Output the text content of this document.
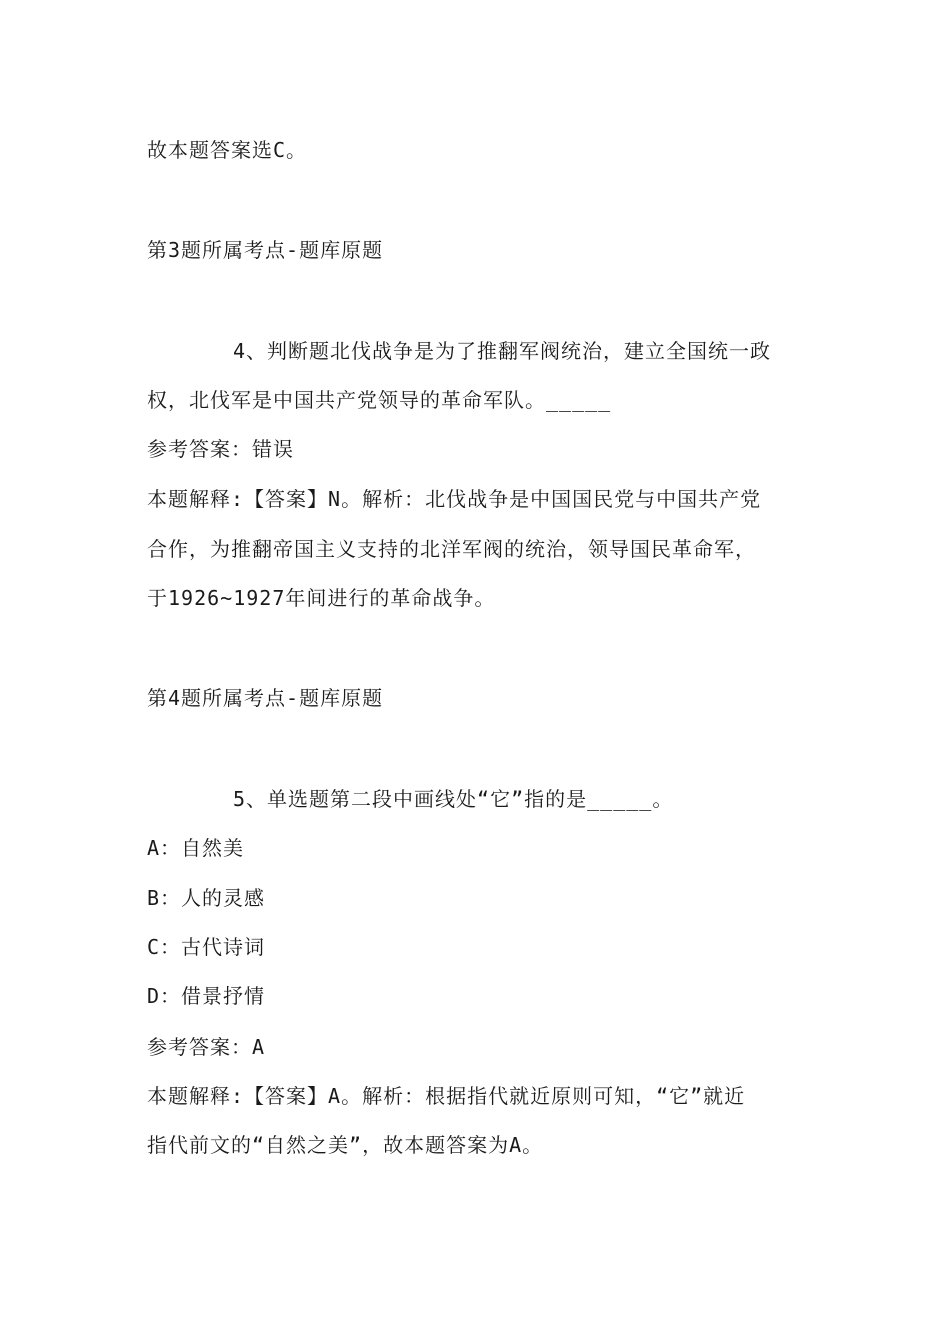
故本题答案选C。
第3题所属考点-题库原题
4、判断题北伐战争是为了推翻军阀统治，建立全国统一政
权，北伐军是中国共产党领导的革命军队。_____
参考答案：错误
本题解释:【答案】N。解析：北伐战争是中国国民党与中国共产党
合作，为推翻帝国主义支持的北洋军阀的统治，领导国民革命军，
于1926~1927年间进行的革命战争。
第4题所属考点-题库原题
5、单选题第二段中画线处“它”指的是_____。
A：自然美
B：人的灵感
C：古代诗词
D：借景抒情
参考答案：A
本题解释:【答案】A。解析：根据指代就近原则可知，“它”就近
指代前文的“自然之美”，故本题答案为A。
